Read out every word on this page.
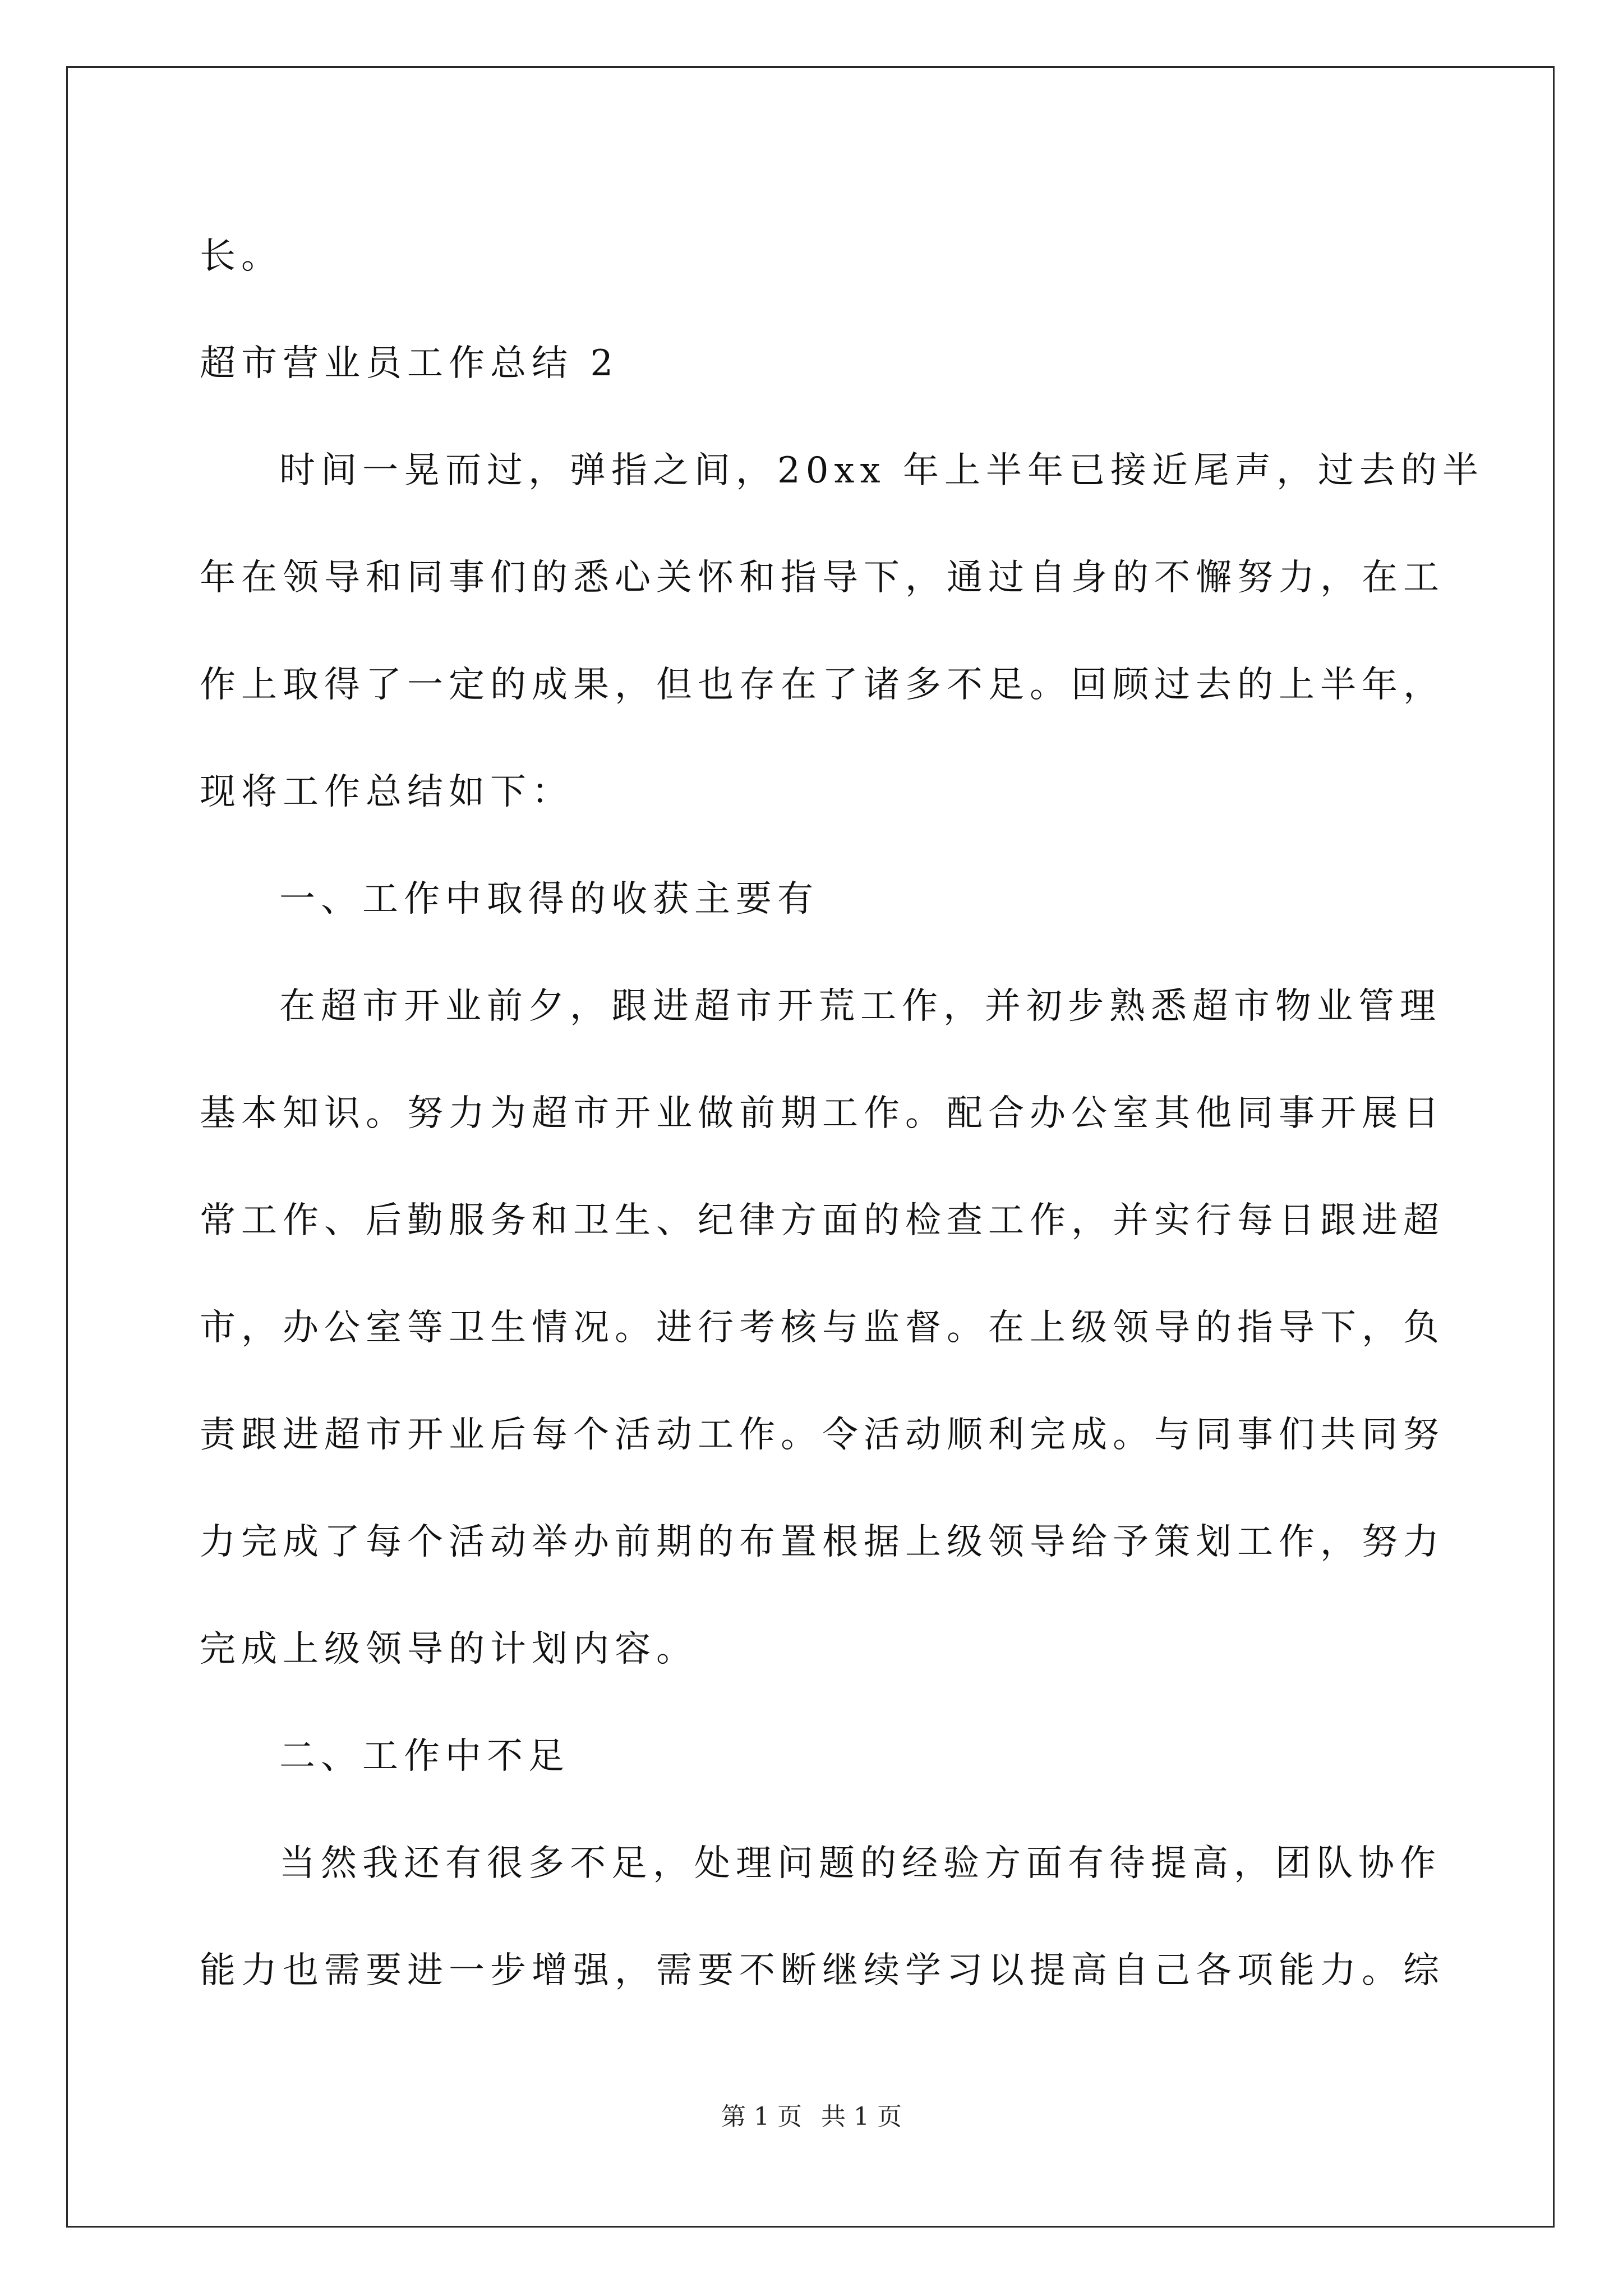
长。
超市营业员工作总结 2
时间一晃而过，弹指之间，20xx 年上半年已接近尾声，过去的半
年在领导和同事们的悉心关怀和指导下，通过自身的不懈努力，在工
作上取得了一定的成果，但也存在了诸多不足。回顾过去的上半年，
现将工作总结如下：
一、工作中取得的收获主要有
在超市开业前夕，跟进超市开荒工作，并初步熟悉超市物业管理
基本知识。努力为超市开业做前期工作。配合办公室其他同事开展日
常工作、后勤服务和卫生、纪律方面的检查工作，并实行每日跟进超
市，办公室等卫生情况。进行考核与监督。在上级领导的指导下，负
责跟进超市开业后每个活动工作。令活动顺利完成。与同事们共同努
力完成了每个活动举办前期的布置根据上级领导给予策划工作，努力
完成上级领导的计划内容。
二、工作中不足
当然我还有很多不足，处理问题的经验方面有待提高，团队协作
能力也需要进一步增强，需要不断继续学习以提高自己各项能力。综
第 1 页 共 1 页
